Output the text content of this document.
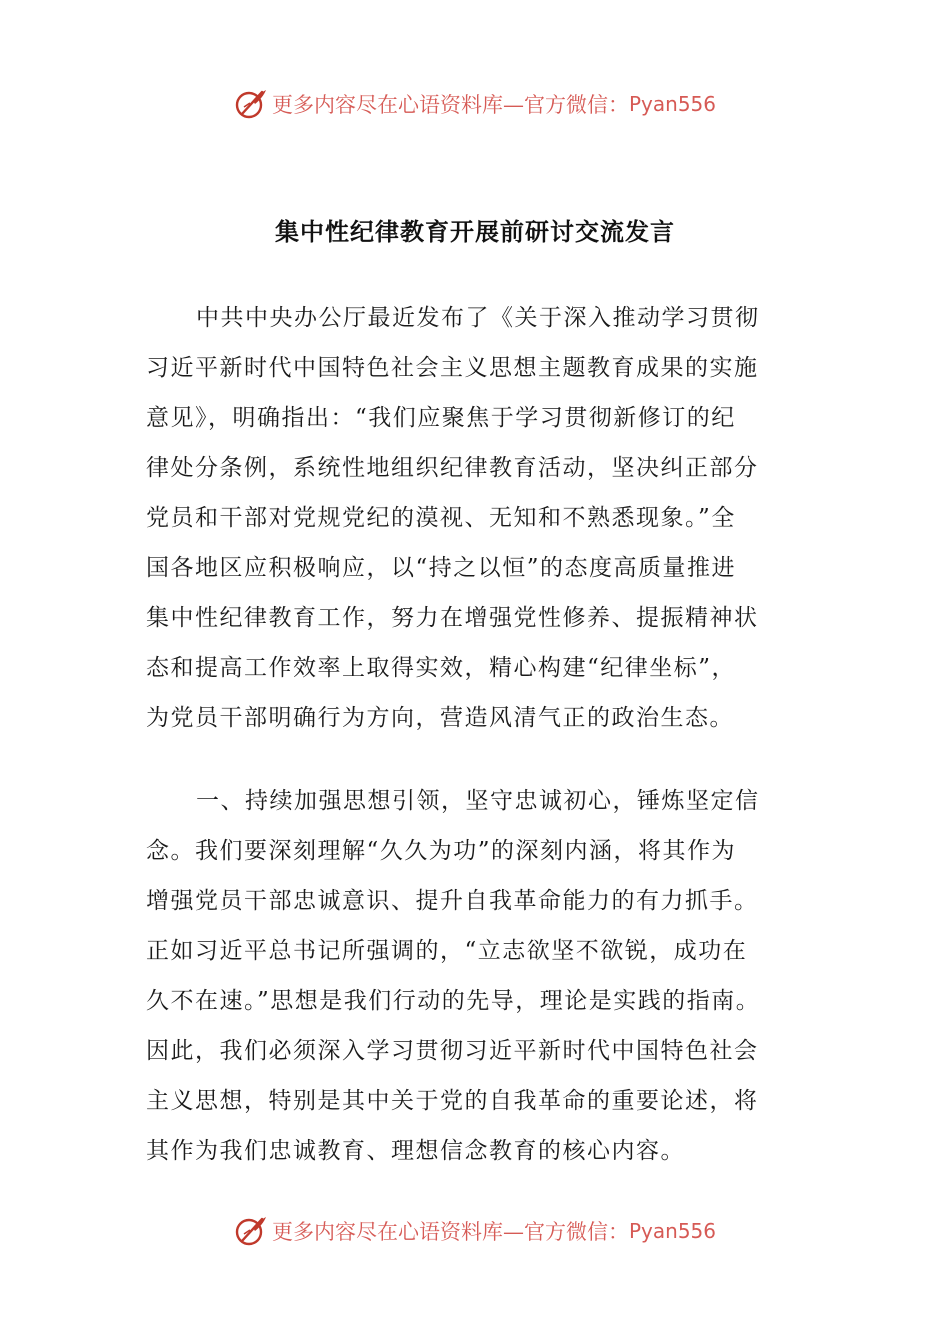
更多内容尽在心语资料库—官方微信： Pyan556
集中性纪律教育开展前研讨交流发言
中共中央办公厅最近发布了《关于深入推动学习贯彻
习近平新时代中国特色社会主义思想主题教育成果的实施
意见》，明确指出：“我们应聚焦于学习贯彻新修订的纪
律处分条例，系统性地组织纪律教育活动，坚决纠正部分
党员和干部对党规党纪的漠视、无知和不熟悉现象。”全
国各地区应积极响应，以“持之以恒”的态度高质量推进
集中性纪律教育工作，努力在增强党性修养、提振精神状
态和提高工作效率上取得实效，精心构建“纪律坐标”，
为党员干部明确行为方向，营造风清气正的政治生态。
一、持续加强思想引领，坚守忠诚初心，锤炼坚定信
念。我们要深刻理解“久久为功”的深刻内涵，将其作为
增强党员干部忠诚意识、提升自我革命能力的有力抓手。
正如习近平总书记所强调的，“立志欲坚不欲锐，成功在
久不在速。”思想是我们行动的先导，理论是实践的指南。
因此，我们必须深入学习贯彻习近平新时代中国特色社会
主义思想，特别是其中关于党的自我革命的重要论述，将
其作为我们忠诚教育、理想信念教育的核心内容。
更多内容尽在心语资料库—官方微信： Pyan556
